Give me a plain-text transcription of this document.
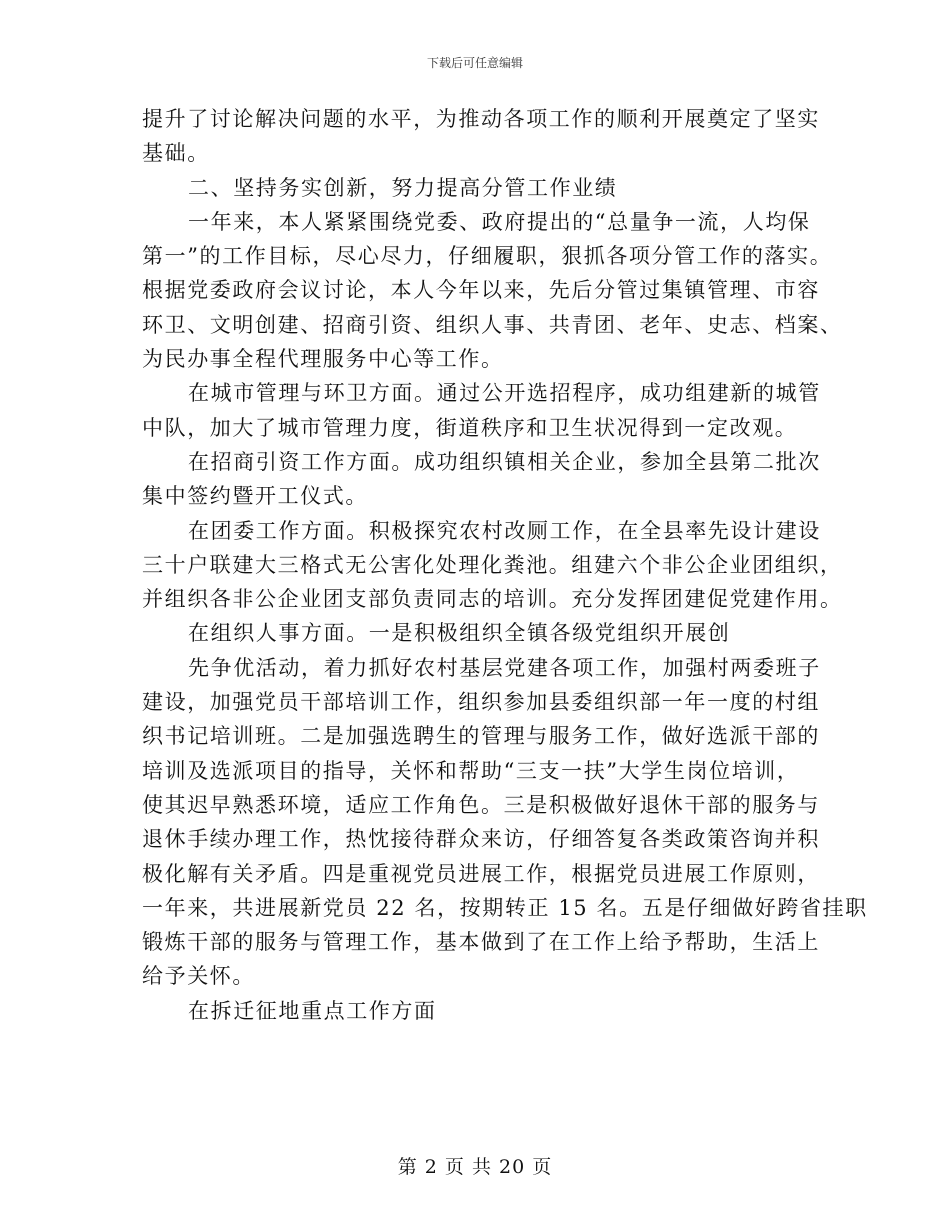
下载后可任意编辑

提升了讨论解决问题的水平，为推动各项工作的顺利开展奠定了坚实

基础。

二、坚持务实创新，努力提高分管工作业绩

一年来，本人紧紧围绕党委、政府提出的“总量争一流，人均保

第一”的工作目标，尽心尽力，仔细履职，狠抓各项分管工作的落实。

根据党委政府会议讨论，本人今年以来，先后分管过集镇管理、市容

环卫、文明创建、招商引资、组织人事、共青团、老年、史志、档案、

为民办事全程代理服务中心等工作。

在城市管理与环卫方面。通过公开选招程序，成功组建新的城管

中队，加大了城市管理力度，街道秩序和卫生状况得到一定改观。

在招商引资工作方面。成功组织镇相关企业，参加全县第二批次

集中签约暨开工仪式。

在团委工作方面。积极探究农村改厕工作，在全县率先设计建设

三十户联建大三格式无公害化处理化粪池。组建六个非公企业团组织，

并组织各非公企业团支部负责同志的培训。充分发挥团建促党建作用。

在组织人事方面。一是积极组织全镇各级党组织开展创

先争优活动，着力抓好农村基层党建各项工作，加强村两委班子

建设，加强党员干部培训工作，组织参加县委组织部一年一度的村组

织书记培训班。二是加强选聘生的管理与服务工作，做好选派干部的

培训及选派项目的指导，关怀和帮助“三支一扶”大学生岗位培训，

使其迟早熟悉环境，适应工作角色。三是积极做好退休干部的服务与

退休手续办理工作，热忱接待群众来访，仔细答复各类政策咨询并积

极化解有关矛盾。四是重视党员进展工作，根据党员进展工作原则，

一年来，共进展新党员 22 名，按期转正 15 名。五是仔细做好跨省挂职

锻炼干部的服务与管理工作，基本做到了在工作上给予帮助，生活上

给予关怀。

在拆迁征地重点工作方面

第 2 页 共 20 页
